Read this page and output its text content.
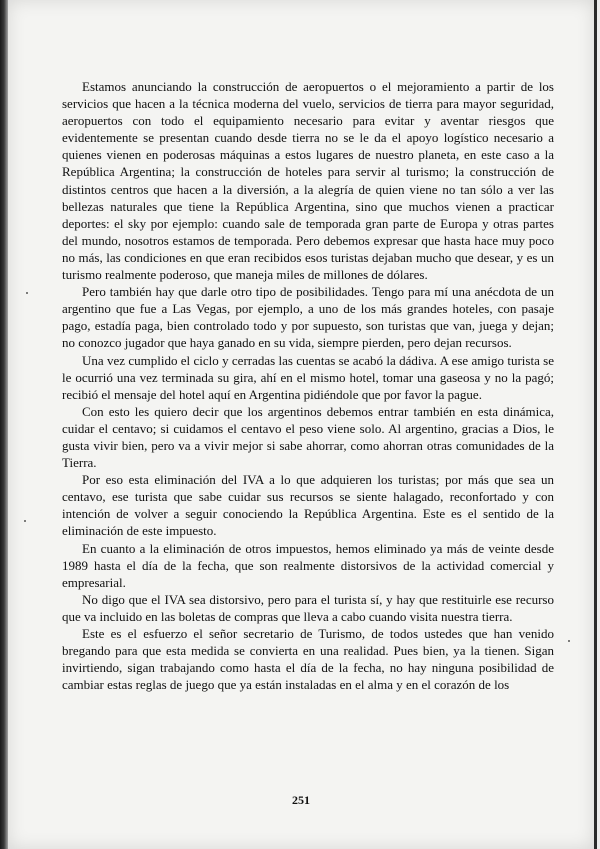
Estamos anunciando la construcción de aeropuertos o el mejoramiento a partir de los servicios que hacen a la técnica moderna del vuelo, servicios de tierra para mayor seguridad, aeropuertos con todo el equipamiento necesario para evitar y aventar riesgos que evidentemente se presentan cuando desde tierra no se le da el apoyo logístico necesario a quienes vienen en poderosas máquinas a estos lugares de nuestro planeta, en este caso a la República Argentina; la construcción de hoteles para servir al turismo; la construcción de distintos centros que hacen a la diversión, a la alegría de quien viene no tan sólo a ver las bellezas naturales que tiene la República Argentina, sino que muchos vienen a practicar deportes: el sky por ejemplo: cuando sale de temporada gran parte de Europa y otras partes del mundo, nosotros estamos de temporada. Pero debemos expresar que hasta hace muy poco no más, las condiciones en que eran recibidos esos turistas dejaban mucho que desear, y es un turismo realmente poderoso, que maneja miles de millones de dólares.

Pero también hay que darle otro tipo de posibilidades. Tengo para mí una anécdota de un argentino que fue a Las Vegas, por ejemplo, a uno de los más grandes hoteles, con pasaje pago, estadía paga, bien controlado todo y por supuesto, son turistas que van, juega y dejan; no conozco jugador que haya ganado en su vida, siempre pierden, pero dejan recursos.

Una vez cumplido el ciclo y cerradas las cuentas se acabó la dádiva. A ese amigo turista se le ocurrió una vez terminada su gira, ahí en el mismo hotel, tomar una gaseosa y no la pagó; recibió el mensaje del hotel aquí en Argentina pidiéndole que por favor la pague.

Con esto les quiero decir que los argentinos debemos entrar también en esta dinámica, cuidar el centavo; si cuidamos el centavo el peso viene solo. Al argentino, gracias a Dios, le gusta vivir bien, pero va a vivir mejor si sabe ahorrar, como ahorran otras comunidades de la Tierra.

Por eso esta eliminación del IVA a lo que adquieren los turistas; por más que sea un centavo, ese turista que sabe cuidar sus recursos se siente halagado, reconfortado y con intención de volver a seguir conociendo la República Argentina. Este es el sentido de la eliminación de este impuesto.

En cuanto a la eliminación de otros impuestos, hemos eliminado ya más de veinte desde 1989 hasta el día de la fecha, que son realmente distorsivos de la actividad comercial y empresarial.

No digo que el IVA sea distorsivo, pero para el turista sí, y hay que restituirle ese recurso que va incluido en las boletas de compras que lleva a cabo cuando visita nuestra tierra.

Este es el esfuerzo el señor secretario de Turismo, de todos ustedes que han venido bregando para que esta medida se convierta en una realidad. Pues bien, ya la tienen. Sigan invirtiendo, sigan trabajando como hasta el día de la fecha, no hay ninguna posibilidad de cambiar estas reglas de juego que ya están instaladas en el alma y en el corazón de los

251
